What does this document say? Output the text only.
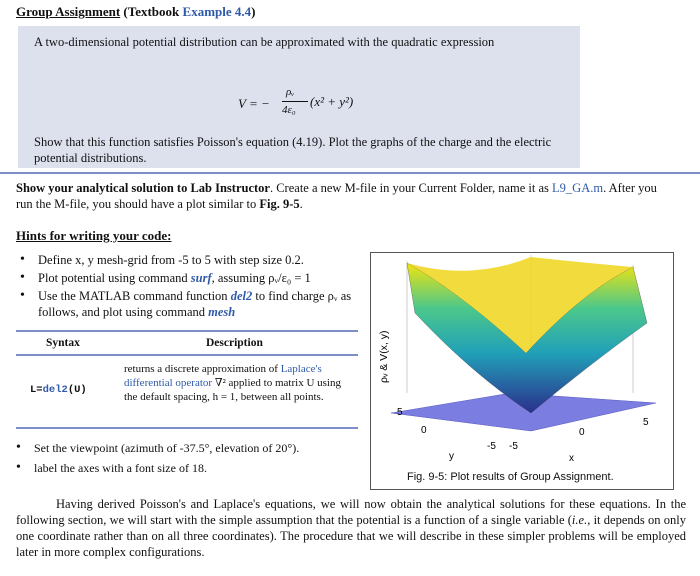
Group Assignment (Textbook Example 4.4)

A two-dimensional potential distribution can be approximated with the quadratic expression

V = −
ρᵥ
4ε₀
(x² + y²)

Show that this function satisfies Poisson's equation (4.19). Plot the graphs of the charge and the electric potential distributions.

Show your analytical solution to Lab Instructor. Create a new M-file in your Current Folder, name it as L9_GA.m. After you run the M-file, you should have a plot similar to Fig. 9-5.
Hints for writing your code:
• Define x, y mesh-grid from -5 to 5 with step size 0.2.
• Plot potential using command surf, assuming ρᵥ/ε₀ = 1
• Use the MATLAB command function del2 to find charge ρᵥ as follows, and plot using command mesh
Syntax	Description
L=del2(U)
returns a discrete approximation of Laplace's differential operator ∇² applied to matrix U using the default spacing, h = 1, between all points.
• Set the viewpoint (azimuth of -37.5°, elevation of 20°).
• label the axes with a font size of 18.
5
0
-5 -5
0
5
y	x
ρᵥ & V(x, y)
Fig. 9-5: Plot results of Group Assignment.
Having derived Poisson's and Laplace's equations, we will now obtain the analytical solutions for these equations. In the following section, we will start with the simple assumption that the potential is a function of a single variable (i.e., it depends on only one coordinate rather than on all three coordinates). The procedure that we will describe in these simpler problems will be employed later in more complex configurations.
